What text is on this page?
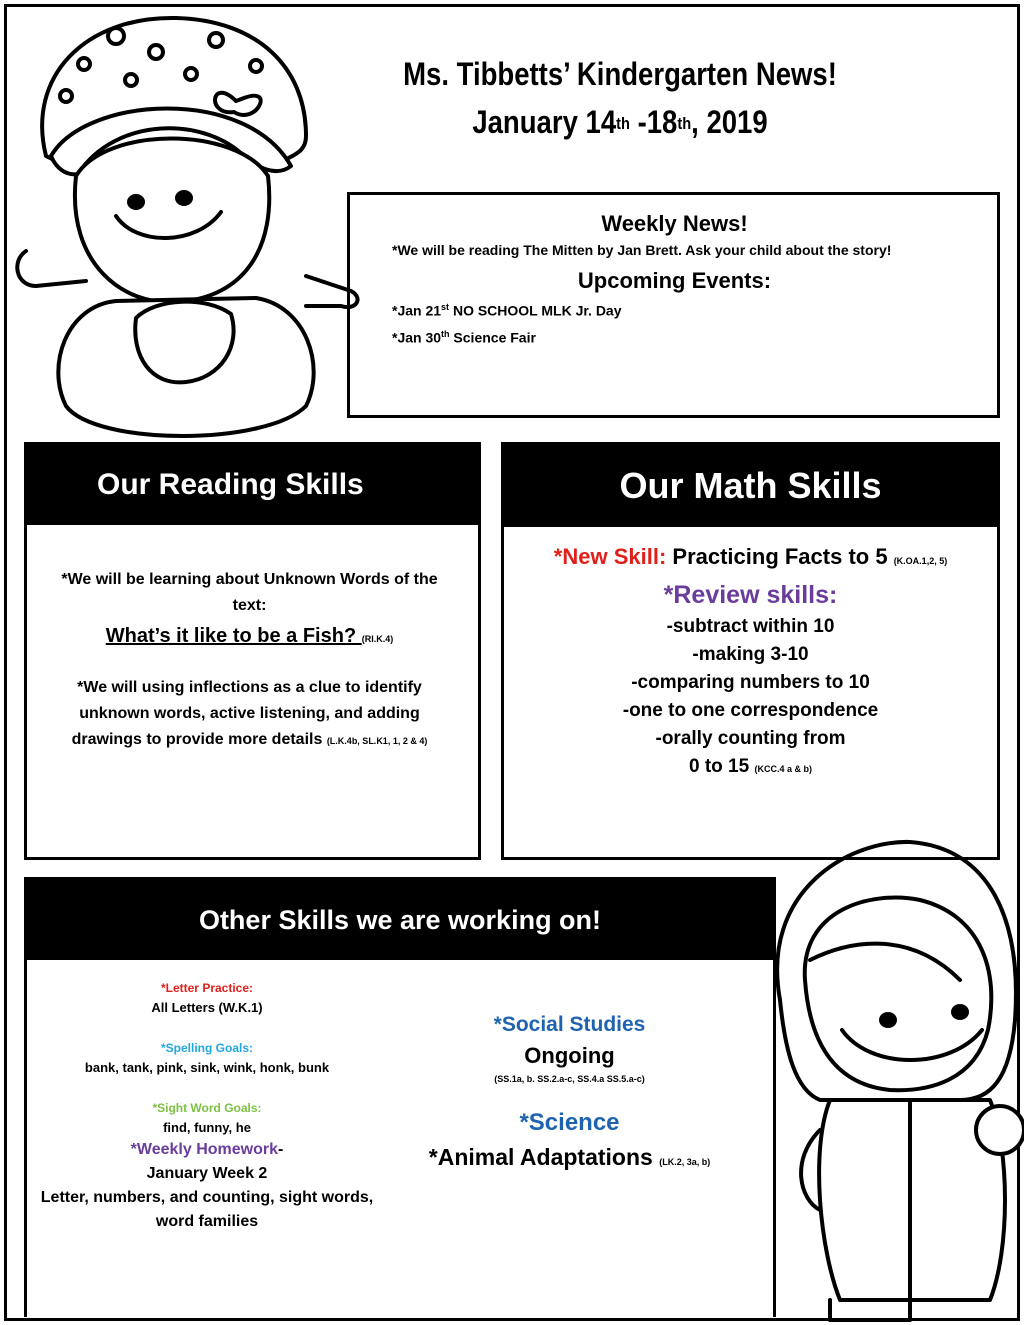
Ms. Tibbetts’ Kindergarten News!
January 14th -18th, 2019
Weekly News!

*We will be reading The Mitten by Jan Brett. Ask your child about the story!

Upcoming Events:

*Jan 21st NO SCHOOL MLK Jr. Day

*Jan 30th Science Fair

Our Reading Skills
*We will be learning about Unknown Words of the text:
What’s it like to be a Fish? (RI.K.4)
*We will using inflections as a clue to identify unknown words, active listening, and adding drawings to provide more details (L.K.4b, SL.K1, 1, 2 & 4)
Our Math Skills
*New Skill: Practicing Facts to 5 (K.OA.1,2, 5)
*Review skills:
-subtract within 10
-making 3-10
-comparing numbers to 10
-one to one correspondence
-orally counting from
0 to 15 (KCC.4 a & b)
Other Skills we are working on!
*Letter Practice:
All Letters (W.K.1)
*Spelling Goals:
bank, tank, pink, sink, wink, honk, bunk
*Sight Word Goals:
find, funny, he
*Weekly Homework-
January Week 2
Letter, numbers, and counting, sight words, word families
*Social Studies
Ongoing
(SS.1a, b. SS.2.a-c, SS.4.a SS.5.a-c)
*Science
*Animal Adaptations (LK.2, 3a, b)
